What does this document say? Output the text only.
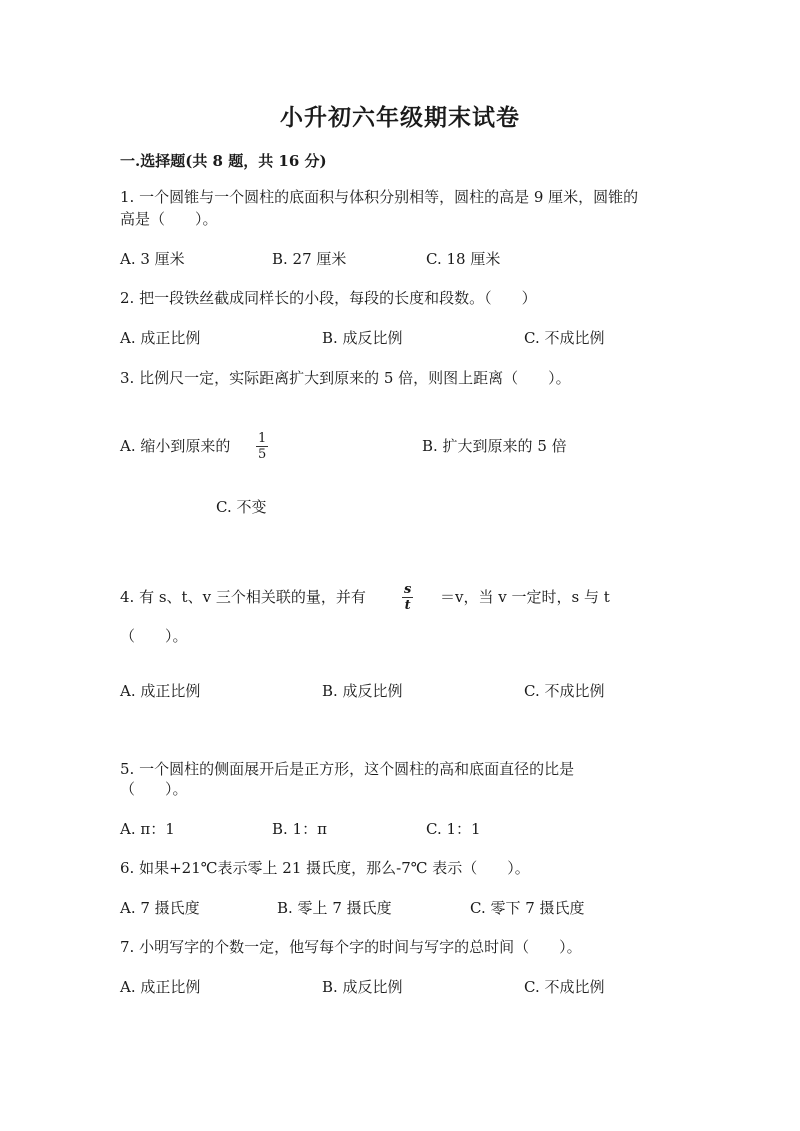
小升初六年级期末试卷
一.选择题(共 8 题，共 16 分)
1. 一个圆锥与一个圆柱的底面积与体积分别相等，圆柱的高是 9 厘米，圆锥的
高是（　　）。
A. 3 厘米	B. 27 厘米	C. 18 厘米
2. 把一段铁丝截成同样长的小段，每段的长度和段数。（　　）
A. 成正比例	B. 成反比例	C. 不成比例
3. 比例尺一定，实际距离扩大到原来的 5 倍，则图上距离（　　）。
A. 缩小到原来的 $\frac{1}{5}$	B. 扩大到原来的 5 倍
C. 不变
4. 有 s、t、v 三个相关联的量，并有	$\frac{s}{t} =v$，当 v 一定时，s 与 t
（　　）。
A. 成正比例	B. 成反比例	C. 不成比例
5. 一个圆柱的侧面展开后是正方形，这个圆柱的高和底面直径的比是
（　　）。
A. π：1	B. 1：π	C. 1：1
6. 如果+21℃表示零上 21 摄氏度，那么-7℃ 表示（　　）。
A. 7 摄氏度	B. 零上 7 摄氏度	C. 零下 7 摄氏度
7. 小明写字的个数一定，他写每个字的时间与写字的总时间（　　）。
A. 成正比例	B. 成反比例	C. 不成比例
